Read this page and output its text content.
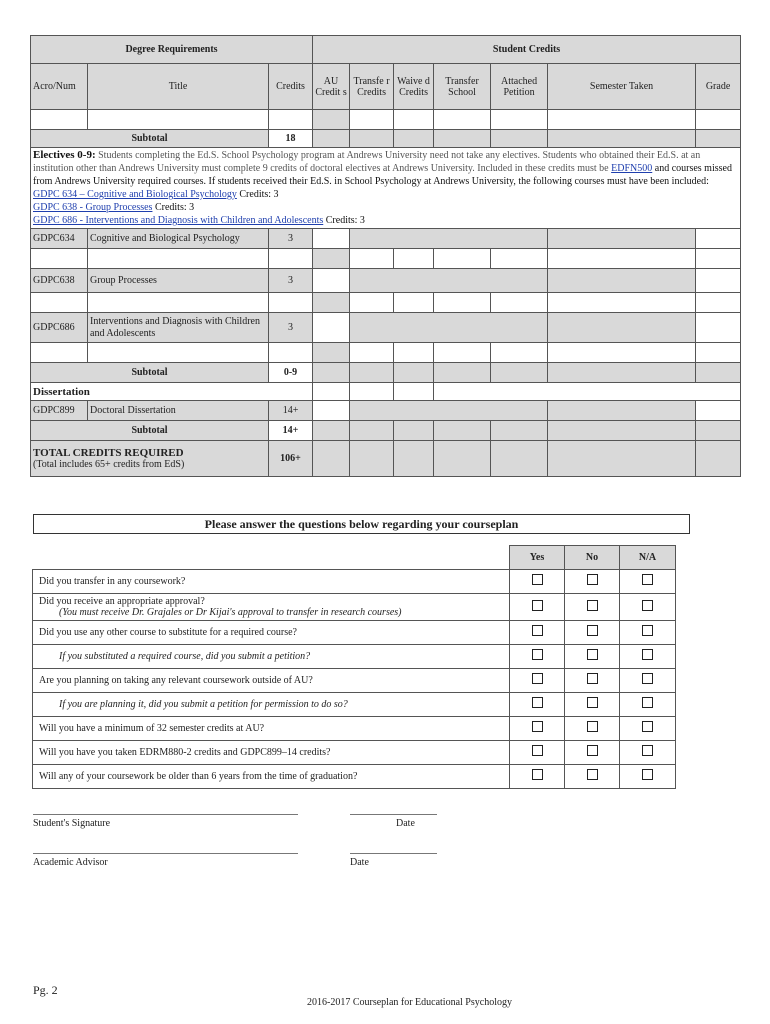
Degree Requirements			Student Credits						
Acro/Num	Title	Credits	AU Credit s	Transfe r Credits	Waive d Credits	Transfer School	Attached Petition	Semester Taken	Grade

Subtotal		18							
Electives 0-9: Students completing the Ed.S. School Psychology program at Andrews University need not take any electives. Students who obtained their Ed.S. at an institution other than Andrews University must complete 9 credits of doctoral electives at Andrews University. Included in these credits must be EDFN500 and courses missed from Andrews University required courses. If students received their Ed.S. in School Psychology at Andrews University, the following courses must have been included:
GDPC 634 – Cognitive and Biological Psychology Credits: 3
GDPC 638 - Group Processes Credits: 3
GDPC 686 - Interventions and Diagnosis with Children and Adolescents Credits: 3									
GDPC634	Cognitive and Biological Psychology	3							

GDPC638	Group Processes	3							

GDPC686	Interventions and Diagnosis with Children and Adolescents	3							

Subtotal		0-9							
Dissertation									
GDPC899	Doctoral Dissertation	14+							
Subtotal		14+							

TOTAL CREDITS REQUIRED
(Total includes 65+ credits from EdS)		106+							
Please answer the questions below regarding your courseplan
	Yes	No	N/A

Did you transfer in any coursework?			

Did you receive an appropriate approval?
(You must receive Dr. Grajales or Dr Kijai's approval to transfer in research courses)			

Did you use any other course to substitute for a required course?			

If you substituted a required course, did you submit a petition?			

Are you planning on taking any relevant coursework outside of AU?			

If you are planning it, did you submit a petition for permission to do so?			

Will you have a minimum of 32 semester credits at AU?			

Will you have you taken EDRM880-2 credits and GDPC899–14 credits?			

Will any of your coursework be older than 6 years from the time of graduation?			

Student's Signature	Date
Academic Advisor	Date
Pg. 2
2016-2017 Courseplan for Educational Psychology
